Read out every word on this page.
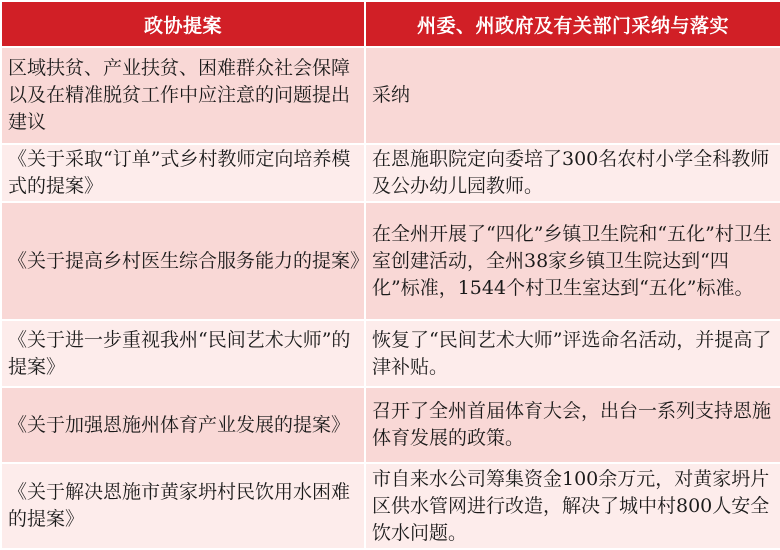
政协提案	州委、州政府及有关部门采纳与落实
区域扶贫、产业扶贫、困难群众社会保障以及在精准脱贫工作中应注意的问题提出建议	采纳
《关于采取“订单”式乡村教师定向培养模式的提案》	在恩施职院定向委培了300名农村小学全科教师及公办幼儿园教师。
《关于提高乡村医生综合服务能力的提案》	在全州开展了“四化”乡镇卫生院和“五化”村卫生室创建活动，全州38家乡镇卫生院达到“四化”标准，1544个村卫生室达到“五化”标准。
《关于进一步重视我州“民间艺术大师”的提案》	恢复了“民间艺术大师”评选命名活动，并提高了津补贴。
《关于加强恩施州体育产业发展的提案》	召开了全州首届体育大会，出台一系列支持恩施体育发展的政策。
《关于解决恩施市黄家坍村民饮用水困难的提案》	市自来水公司筹集资金100余万元，对黄家坍片区供水管网进行改造，解决了城中村800人安全饮水问题。
